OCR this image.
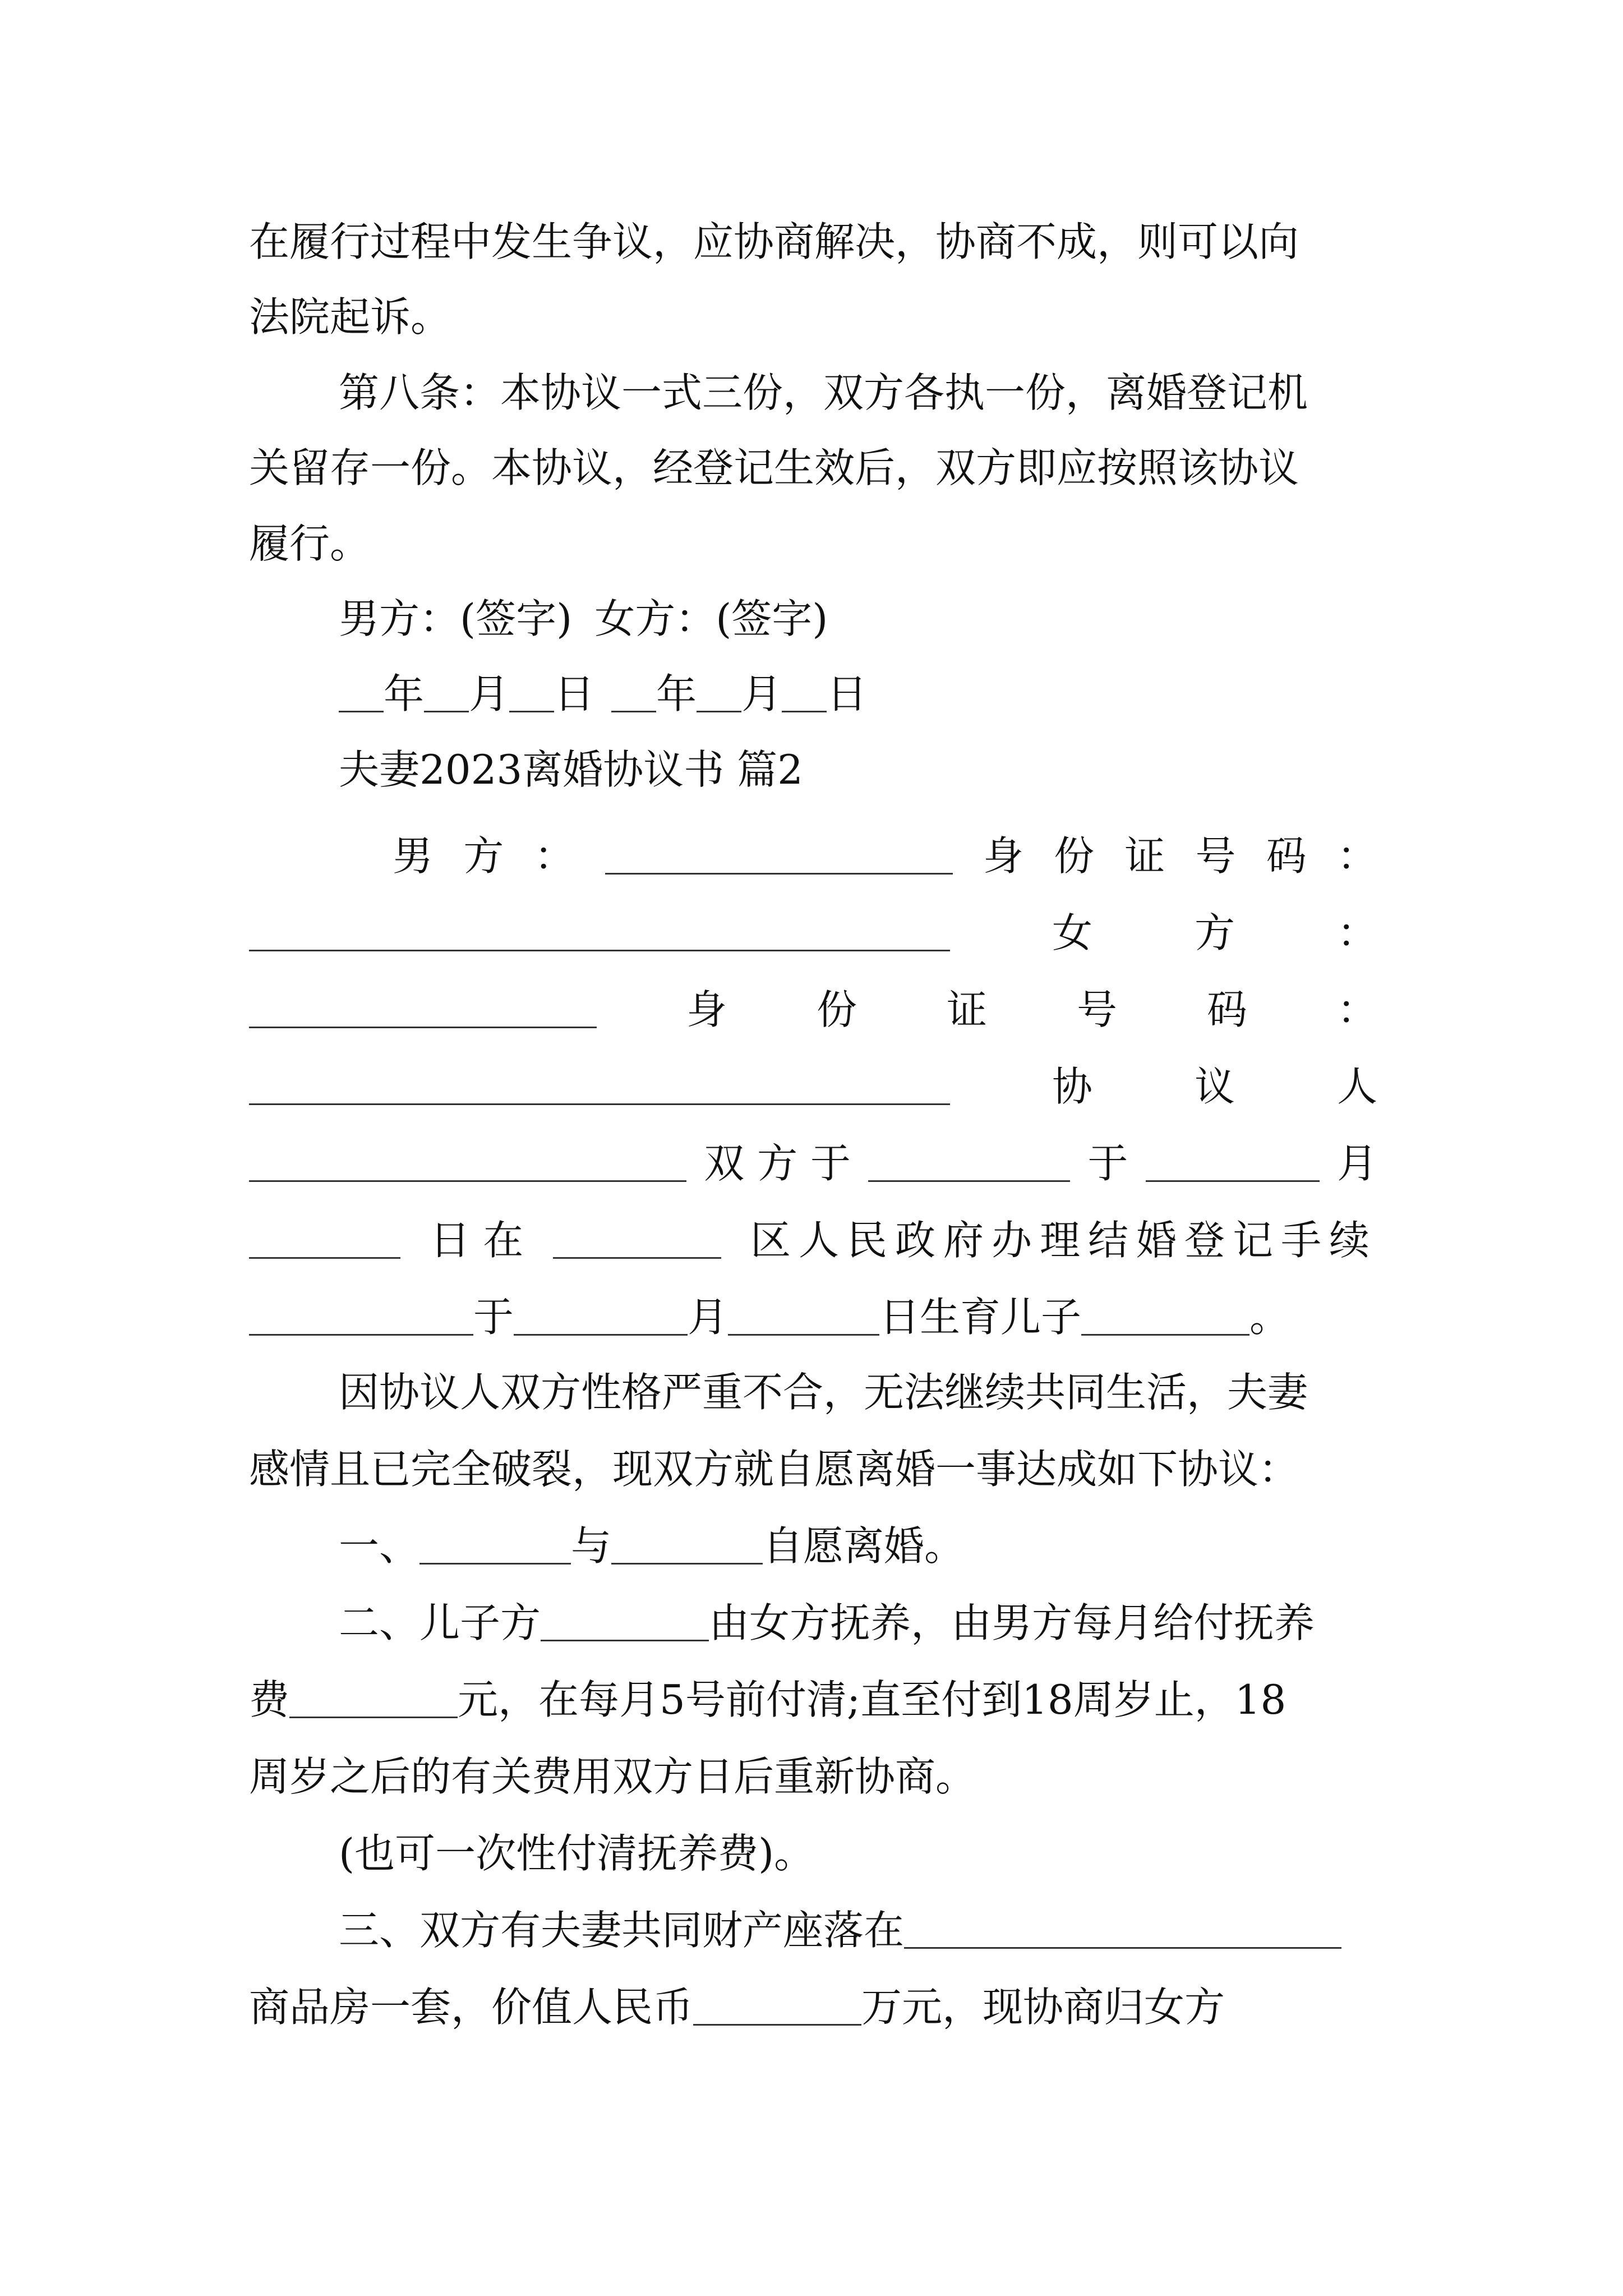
在履行过程中发生争议，应协商解决，协商不成，则可以向
法院起诉。
第八条：本协议一式三份，双方各执一份，离婚登记机
关留存一份。本协议，经登记生效后，双方即应按照该协议
履行。
男方：(签字) 女方：(签字)
年 月 日 年 月 日
夫妻2023离婚协议书 篇2
男 方 ：	身 份 证 号 码 ：
女	方	：
身 份 证 号 码 ：
协	议	人
双 方 于	于	月
日 在	区人民政府办理结婚登记手续
于	月	日生育儿子	。
因协议人双方性格严重不合，无法继续共同生活，夫妻
感情且已完全破裂，现双方就自愿离婚一事达成如下协议：
一、	与	自愿离婚。
二、儿子方	由女方抚养，由男方每月给付抚养
费	元，在每月5号前付清;直至付到18周岁止，18
周岁之后的有关费用双方日后重新协商。
(也可一次性付清抚养费)。
三、双方有夫妻共同财产座落在
商品房一套，价值人民币	万元，现协商归女方
